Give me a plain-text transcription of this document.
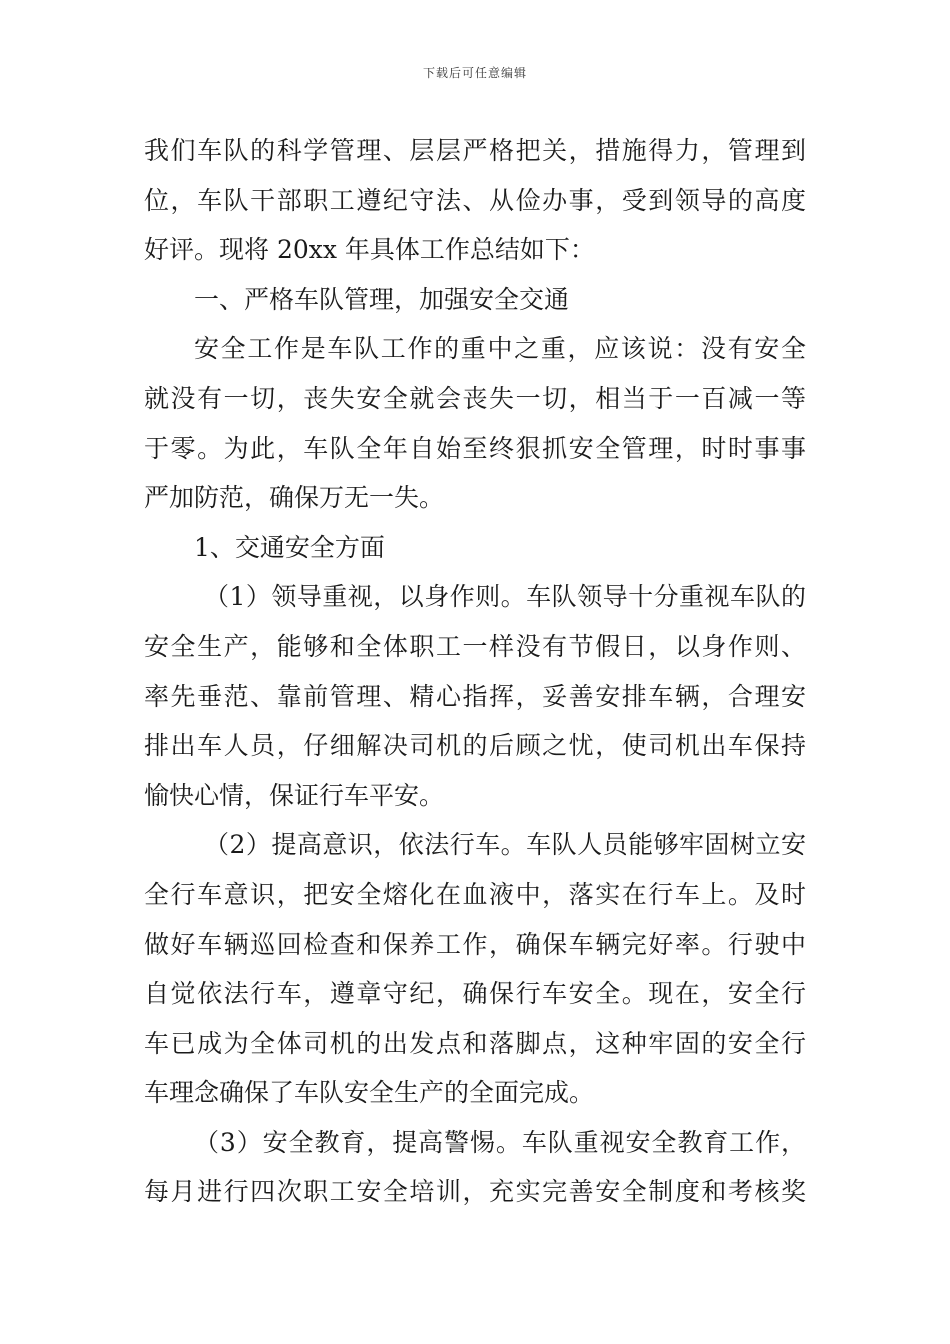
下载后可任意编辑
我们车队的科学管理、层层严格把关，措施得力，管理到
位，车队干部职工遵纪守法、从俭办事，受到领导的高度
好评。现将 20xx 年具体工作总结如下：
一、严格车队管理，加强安全交通
安全工作是车队工作的重中之重，应该说：没有安全
就没有一切，丧失安全就会丧失一切，相当于一百减一等
于零。为此，车队全年自始至终狠抓安全管理，时时事事
严加防范，确保万无一失。
1、交通安全方面
（1）领导重视，以身作则。车队领导十分重视车队的
安全生产，能够和全体职工一样没有节假日，以身作则、
率先垂范、靠前管理、精心指挥，妥善安排车辆，合理安
排出车人员，仔细解决司机的后顾之忧，使司机出车保持
愉快心情，保证行车平安。
（2）提高意识，依法行车。车队人员能够牢固树立安
全行车意识，把安全熔化在血液中，落实在行车上。及时
做好车辆巡回检查和保养工作，确保车辆完好率。行驶中
自觉依法行车，遵章守纪，确保行车安全。现在，安全行
车已成为全体司机的出发点和落脚点，这种牢固的安全行
车理念确保了车队安全生产的全面完成。
（3）安全教育，提高警惕。车队重视安全教育工作，
每月进行四次职工安全培训，充实完善安全制度和考核奖
